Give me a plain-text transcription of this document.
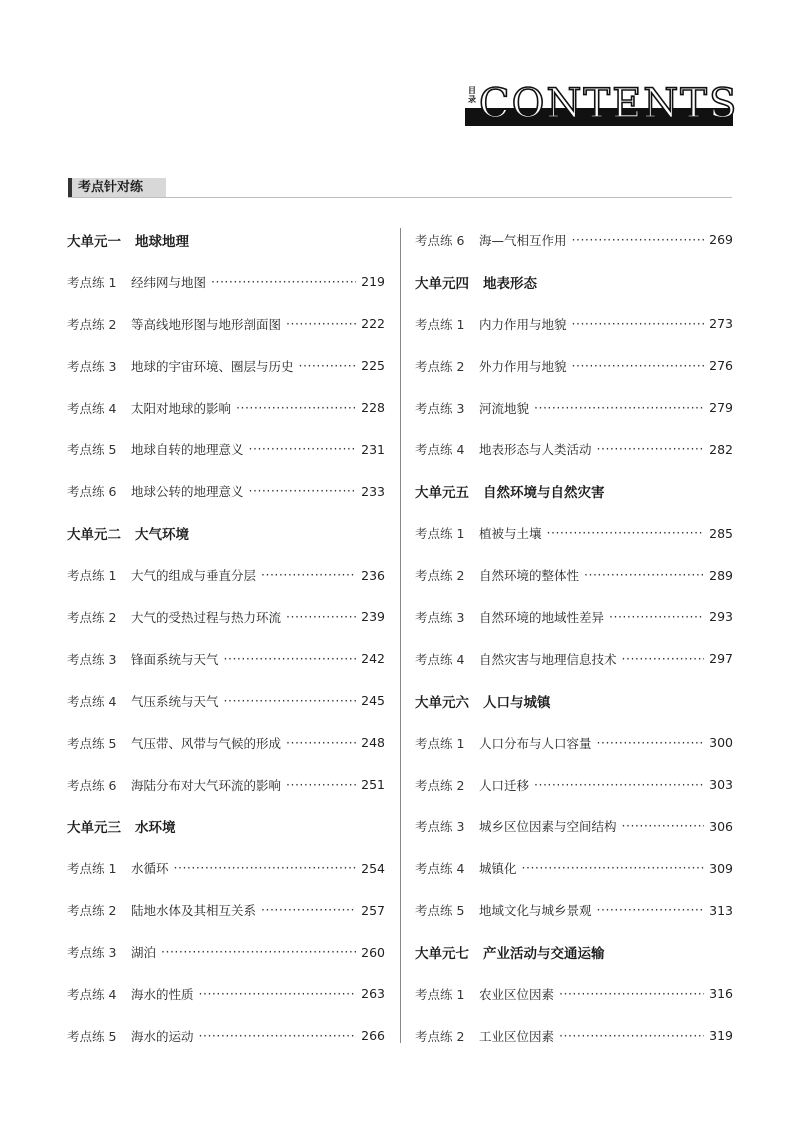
目录 CONTENTS
考点针对练
大单元一 地球地理
考点练 1	经纬网与地图 ·····	219
考点练 2	等高线地形图与地形剖面图 ·····	222
考点练 3	地球的宇宙环境、圈层与历史 ·····	225
考点练 4	太阳对地球的影响 ·····	228
考点练 5	地球自转的地理意义 ·····	231
考点练 6	地球公转的地理意义 ·····	233
大单元二 大气环境
考点练 1	大气的组成与垂直分层 ·····	236
考点练 2	大气的受热过程与热力环流 ·····	239
考点练 3	锋面系统与天气 ·····	242
考点练 4	气压系统与天气 ·····	245
考点练 5	气压带、风带与气候的形成 ·····	248
考点练 6	海陆分布对大气环流的影响 ·····	251
大单元三 水环境
考点练 1	水循环 ·····	254
考点练 2	陆地水体及其相互关系 ·····	257
考点练 3	湖泊 ·····	260
考点练 4	海水的性质 ·····	263
考点练 5	海水的运动 ·····	266
考点练 6	海—气相互作用 ·····	269
大单元四 地表形态
考点练 1	内力作用与地貌 ·····	273
考点练 2	外力作用与地貌 ·····	276
考点练 3	河流地貌 ·····	279
考点练 4	地表形态与人类活动 ·····	282
大单元五 自然环境与自然灾害
考点练 1	植被与土壤 ·····	285
考点练 2	自然环境的整体性 ·····	289
考点练 3	自然环境的地域性差异 ·····	293
考点练 4	自然灾害与地理信息技术 ·····	297
大单元六 人口与城镇
考点练 1	人口分布与人口容量 ·····	300
考点练 2	人口迁移 ·····	303
考点练 3	城乡区位因素与空间结构 ·····	306
考点练 4	城镇化 ·····	309
考点练 5	地域文化与城乡景观 ·····	313
大单元七 产业活动与交通运输
考点练 1	农业区位因素 ·····	316
考点练 2	工业区位因素 ·····	319
